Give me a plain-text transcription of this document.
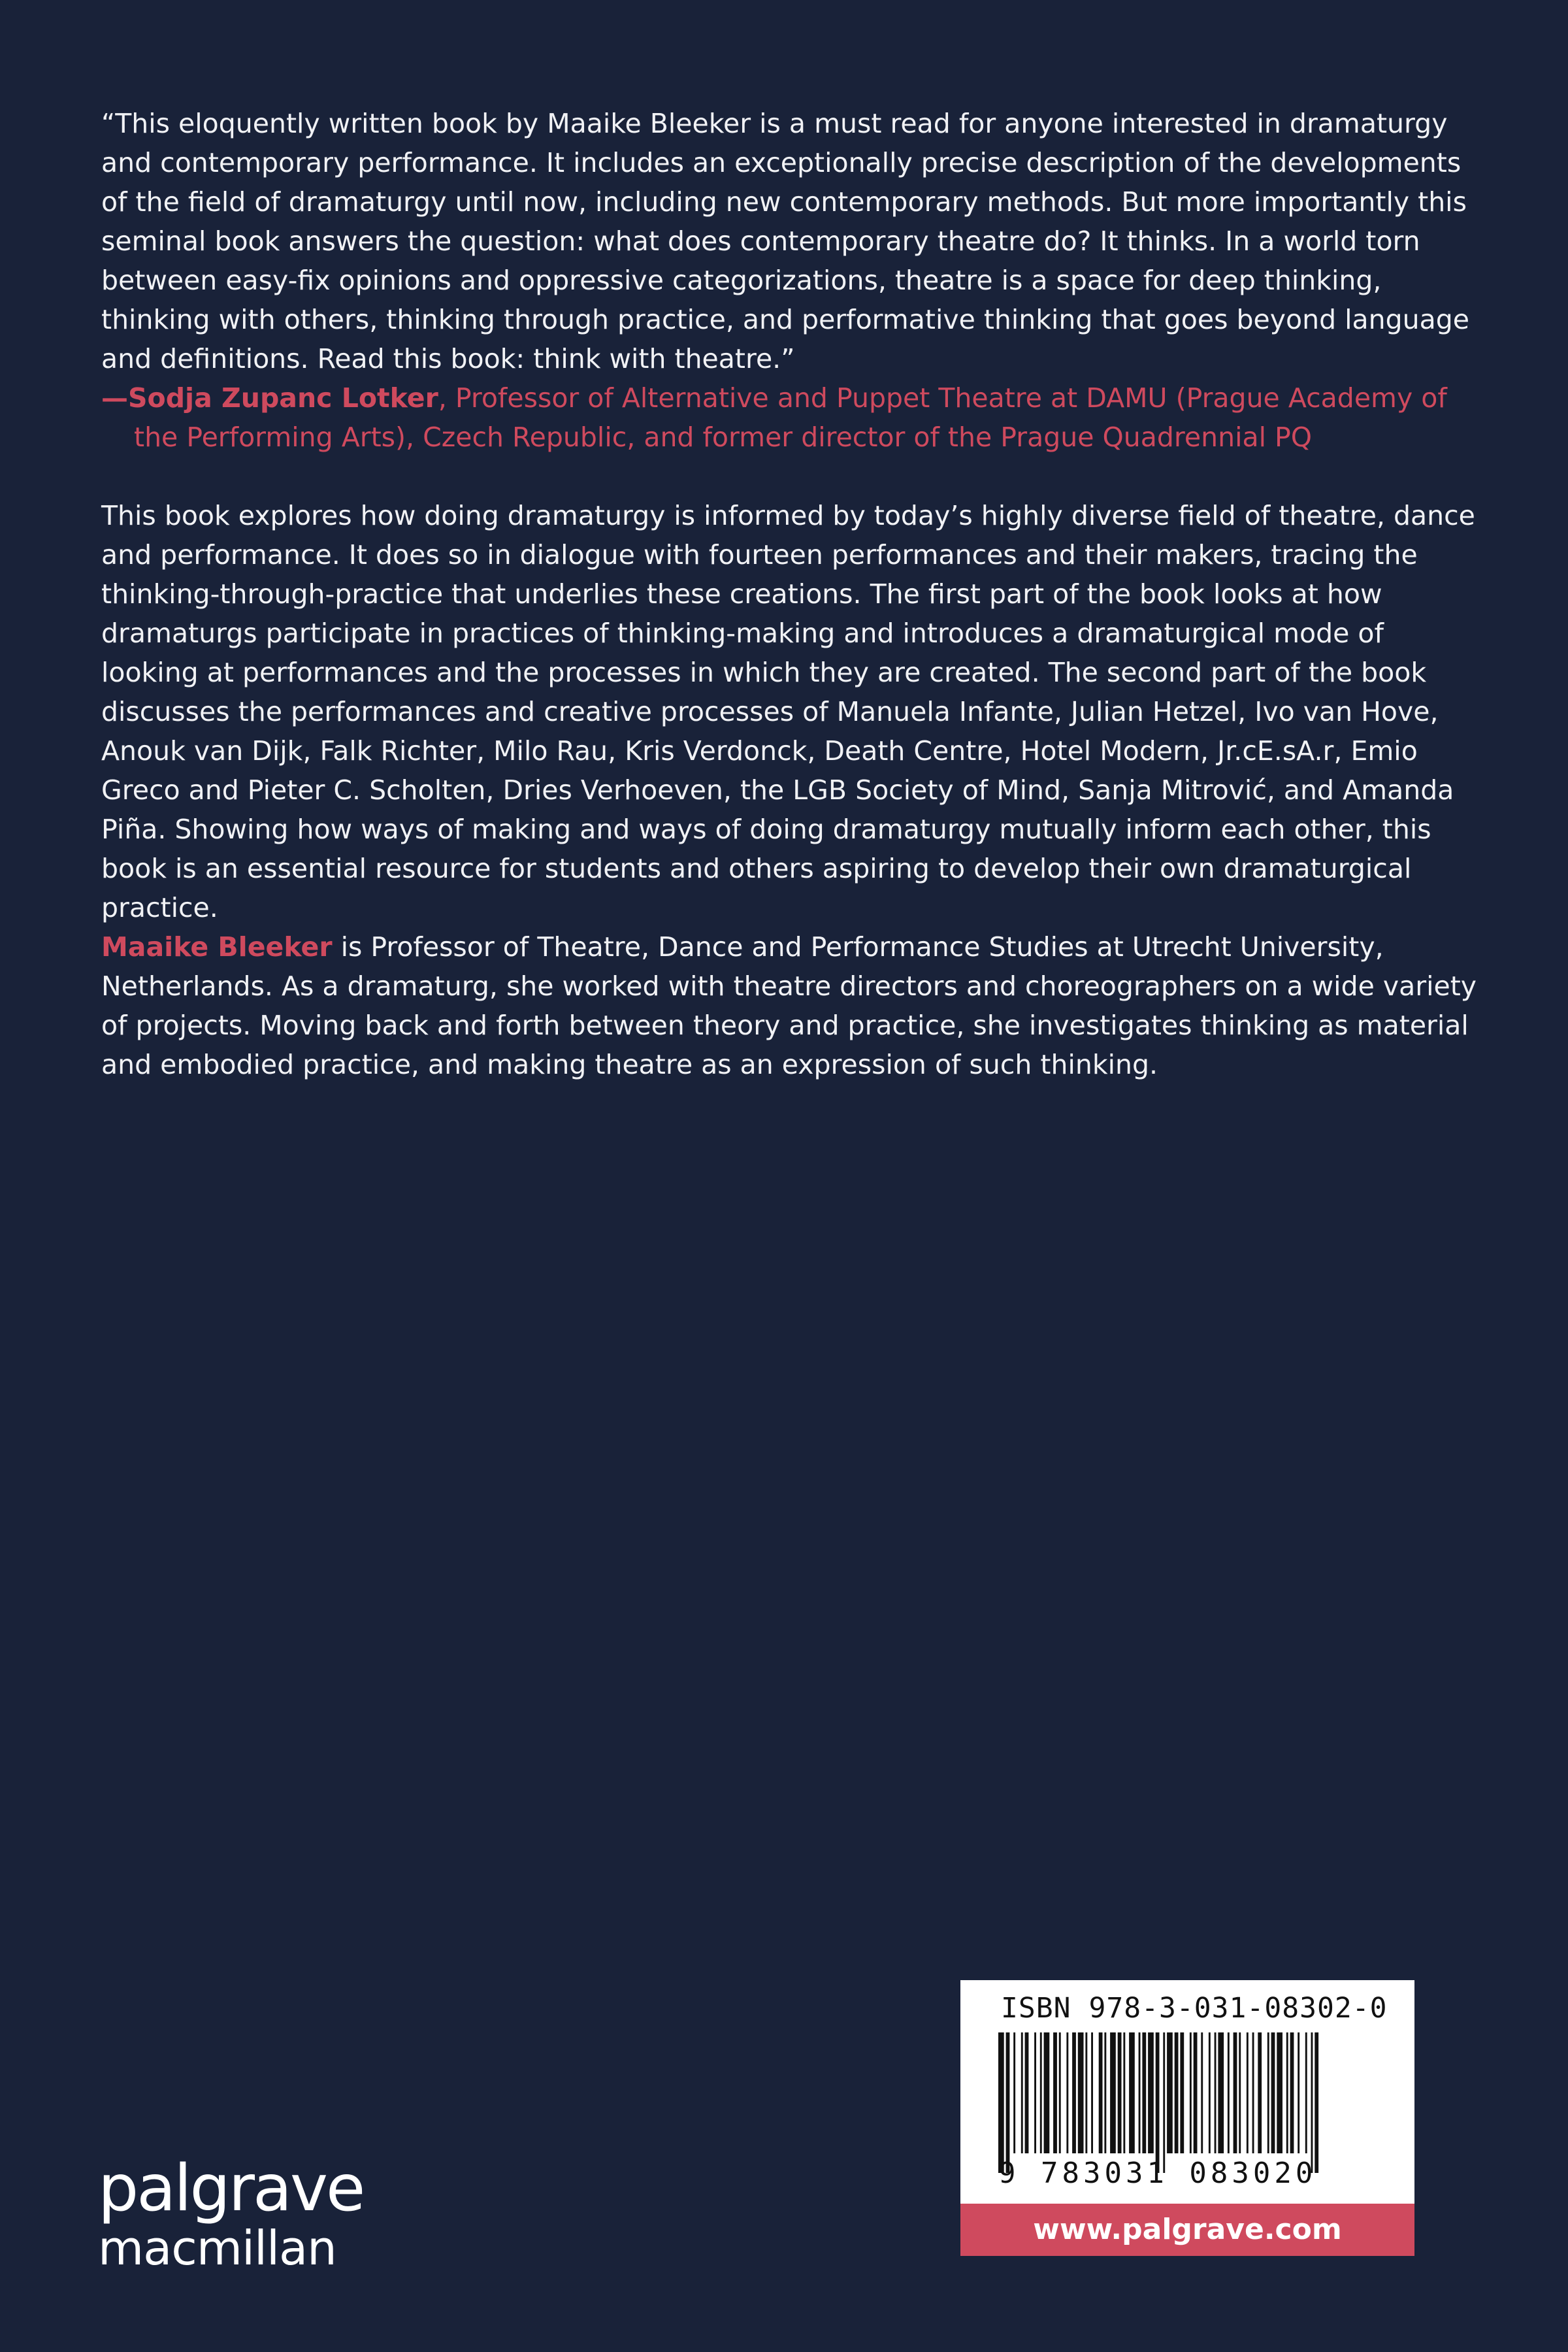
“This eloquently written book by Maaike Bleeker is a must read for anyone interested in dramaturgy and contemporary performance. It includes an exceptionally precise description of the developments of the field of dramaturgy until now, including new contemporary methods. But more importantly this seminal book answers the question: what does contemporary theatre do? It thinks. In a world torn between easy-fix opinions and oppressive categorizations, theatre is a space for deep thinking, thinking with others, thinking through practice, and performative thinking that goes beyond language and definitions. Read this book: think with theatre.”

—Sodja Zupanc Lotker, Professor of Alternative and Puppet Theatre at DAMU (Prague Academy of the Performing Arts), Czech Republic, and former director of the Prague Quadrennial PQ

This book explores how doing dramaturgy is informed by today’s highly diverse field of theatre, dance and performance. It does so in dialogue with fourteen performances and their makers, tracing the thinking-through-practice that underlies these creations. The first part of the book looks at how dramaturgs participate in practices of thinking-making and introduces a dramaturgical mode of looking at performances and the processes in which they are created. The second part of the book discusses the performances and creative processes of Manuela Infante, Julian Hetzel, Ivo van Hove, Anouk van Dijk, Falk Richter, Milo Rau, Kris Verdonck, Death Centre, Hotel Modern, Jr.cE.sA.r, Emio Greco and Pieter C. Scholten, Dries Verhoeven, the LGB Society of Mind, Sanja Mitrović, and Amanda Piña. Showing how ways of making and ways of doing dramaturgy mutually inform each other, this book is an essential resource for students and others aspiring to develop their own dramaturgical practice.

Maaike Bleeker is Professor of Theatre, Dance and Performance Studies at Utrecht University, Netherlands. As a dramaturg, she worked with theatre directors and choreographers on a wide variety of projects. Moving back and forth between theory and practice, she investigates thinking as material and embodied practice, and making theatre as an expression of such thinking.

palgrave
macmillan
ISBN 978-3-031-08302-0
9 783031 083020
www.palgrave.com
